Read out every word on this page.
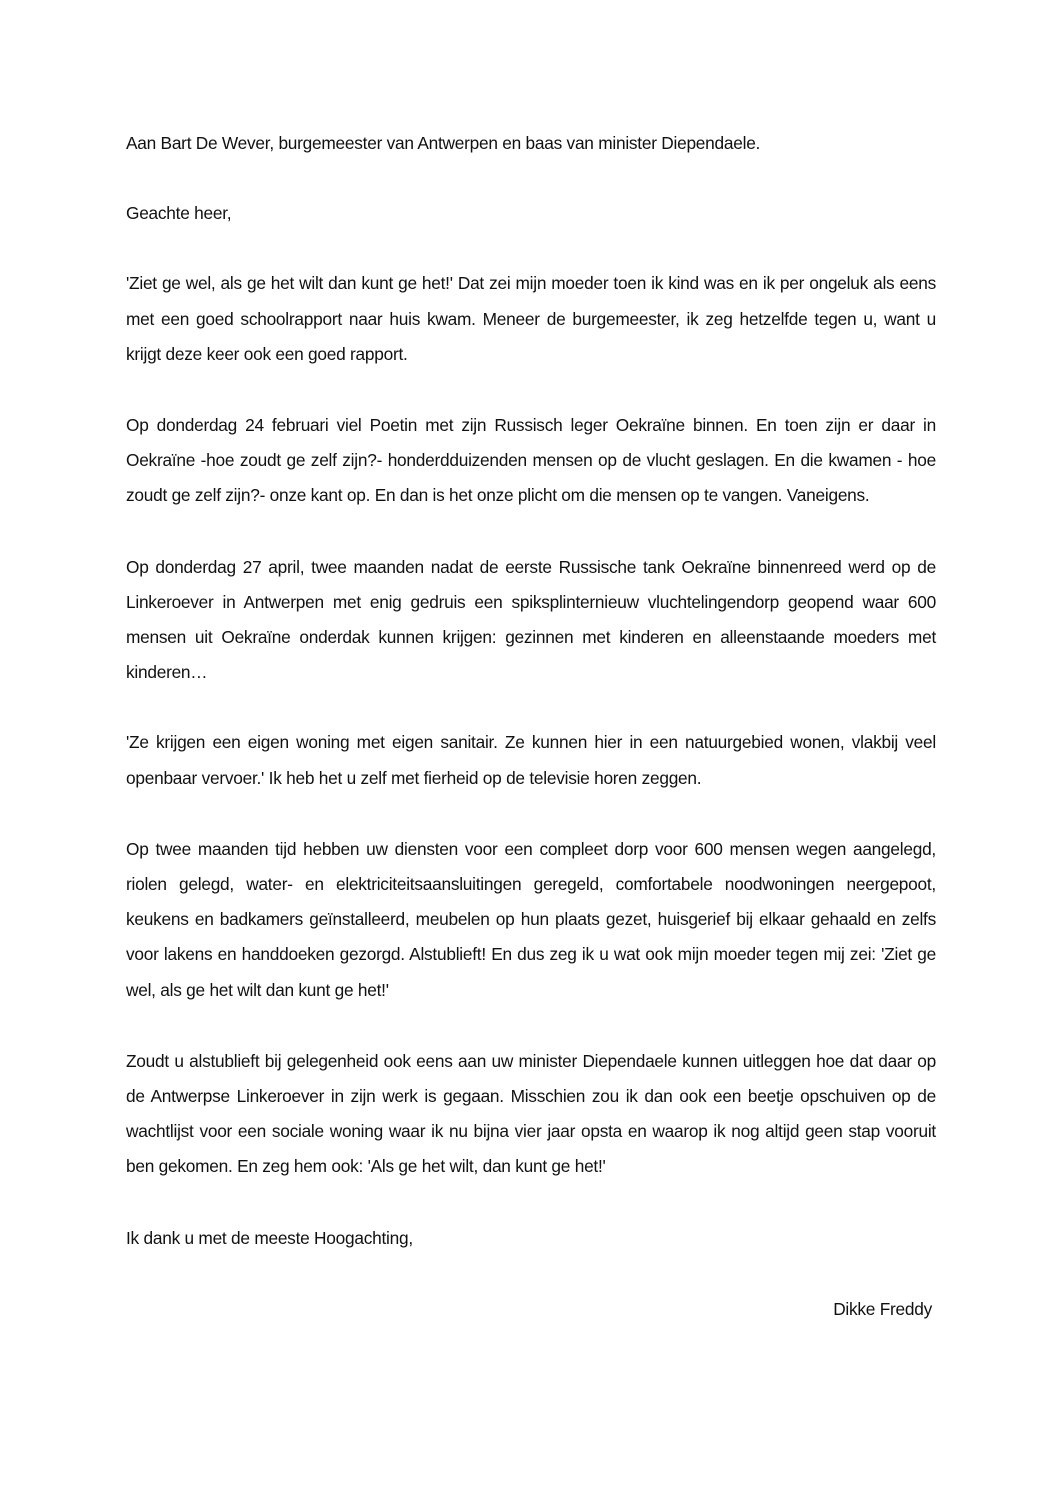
Aan Bart De Wever, burgemeester van Antwerpen en baas van minister Diependaele.

Geachte heer,

'Ziet ge wel, als ge het wilt dan kunt ge het!' Dat zei mijn moeder toen ik kind was en ik per ongeluk als eens met een goed schoolrapport naar huis kwam. Meneer de burgemeester, ik zeg hetzelfde tegen u, want u krijgt deze keer ook een goed rapport.

Op donderdag 24 februari viel Poetin met zijn Russisch leger Oekraïne binnen. En toen zijn er daar in Oekraïne -hoe zoudt ge zelf zijn?- honderdduizenden mensen op de vlucht geslagen. En die kwamen - hoe zoudt ge zelf zijn?- onze kant op. En dan is het onze plicht om die mensen op te vangen. Vaneigens.

Op donderdag 27 april, twee maanden nadat de eerste Russische tank Oekraïne binnenreed werd op de Linkeroever in Antwerpen met enig gedruis een spiksplinternieuw vluchtelingendorp geopend waar 600 mensen uit Oekraïne onderdak kunnen krijgen: gezinnen met kinderen en alleenstaande moeders met kinderen…

'Ze krijgen een eigen woning met eigen sanitair. Ze kunnen hier in een natuurgebied wonen, vlakbij veel openbaar vervoer.' Ik heb het u zelf met fierheid op de televisie horen zeggen.

Op twee maanden tijd hebben uw diensten voor een compleet dorp voor 600 mensen wegen aangelegd, riolen gelegd, water- en elektriciteitsaansluitingen geregeld, comfortabele noodwoningen neergepoot, keukens en badkamers geïnstalleerd, meubelen op hun plaats gezet, huisgerief bij elkaar gehaald en zelfs voor lakens en handdoeken gezorgd. Alstublieft! En dus zeg ik u wat ook mijn moeder tegen mij zei: 'Ziet ge wel, als ge het wilt dan kunt ge het!'

Zoudt u alstublieft bij gelegenheid ook eens aan uw minister Diependaele kunnen uitleggen hoe dat daar op de Antwerpse Linkeroever in zijn werk is gegaan. Misschien zou ik dan ook een beetje opschuiven op de wachtlijst voor een sociale woning waar ik nu bijna vier jaar opsta en waarop ik nog altijd geen stap vooruit ben gekomen. En zeg hem ook: 'Als ge het wilt, dan kunt ge het!'

Ik dank u met de meeste Hoogachting,

Dikke Freddy
